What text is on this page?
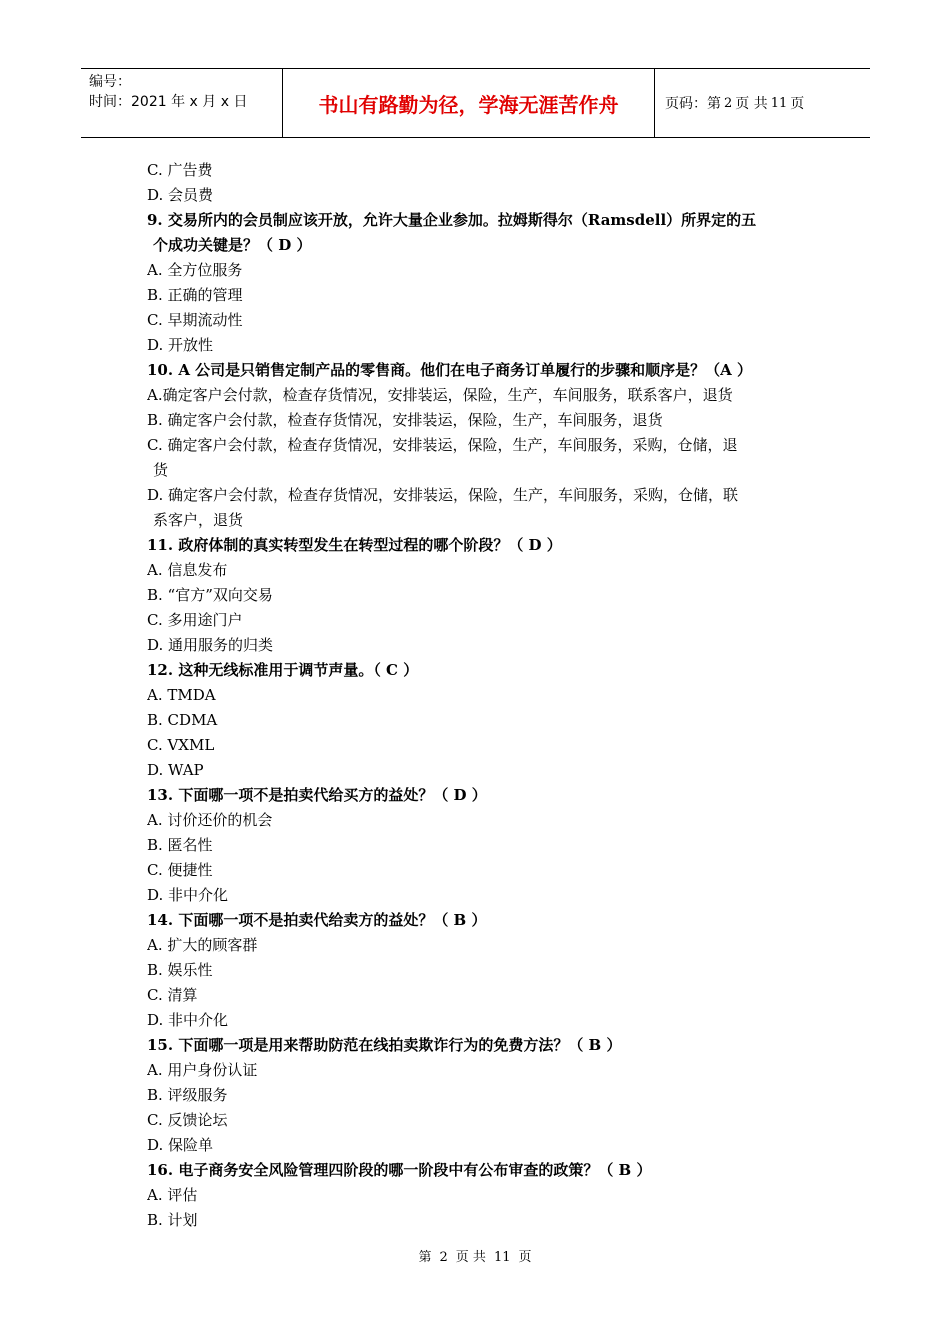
编号：
时间：2021 年 x 月 x 日	书山有路勤为径，学海无涯苦作舟	页码：第 2 页 共 11 页
C. 广告费
D. 会员费
9. 交易所内的会员制应该开放，允许大量企业参加。拉姆斯得尔（Ramsdell）所界定的五
个成功关键是？（ D ）
A. 全方位服务
B. 正确的管理
C. 早期流动性
D. 开放性
10. A 公司是只销售定制产品的零售商。他们在电子商务订单履行的步骤和顺序是？（A ）
A.确定客户会付款，检查存货情况，安排装运，保险，生产，车间服务，联系客户，退货
B. 确定客户会付款，检查存货情况，安排装运，保险，生产，车间服务，退货
C. 确定客户会付款，检查存货情况，安排装运，保险，生产，车间服务，采购，仓储，退
货
D. 确定客户会付款，检查存货情况，安排装运，保险，生产，车间服务，采购，仓储，联
系客户，退货
11. 政府体制的真实转型发生在转型过程的哪个阶段？（ D ）
A. 信息发布
B. “官方”双向交易
C. 多用途门户
D. 通用服务的归类
12. 这种无线标准用于调节声量。（ C ）
A. TMDA
B. CDMA
C. VXML
D. WAP
13. 下面哪一项不是拍卖代给买方的益处？（ D ）
A. 讨价还价的机会
B. 匿名性
C. 便捷性
D. 非中介化
14. 下面哪一项不是拍卖代给卖方的益处？（ B ）
A. 扩大的顾客群
B. 娱乐性
C. 清算
D. 非中介化
15. 下面哪一项是用来帮助防范在线拍卖欺诈行为的免费方法？（ B ）
A. 用户身份认证
B. 评级服务
C. 反馈论坛
D. 保险单
16. 电子商务安全风险管理四阶段的哪一阶段中有公布审查的政策？（ B ）
A. 评估
B. 计划
第 2 页 共 11 页
